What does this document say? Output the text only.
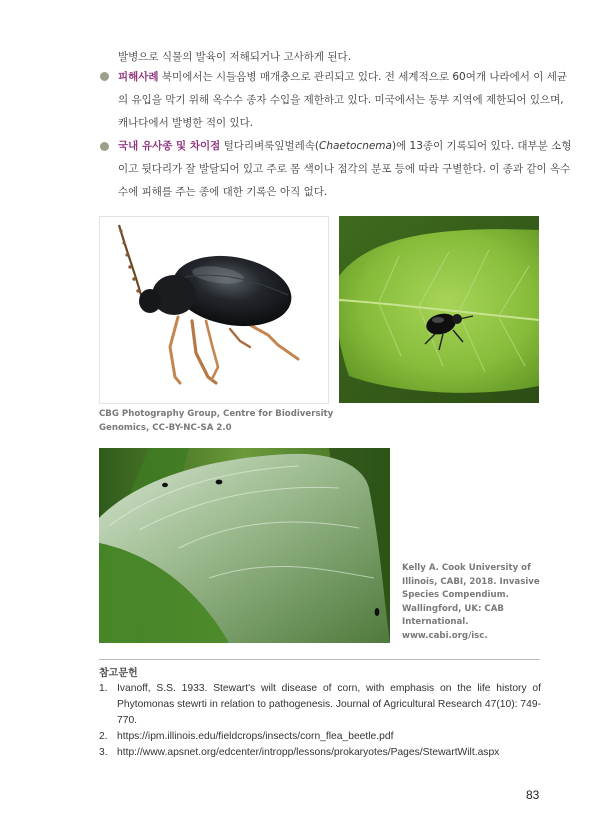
발병으로 식물의 발육이 저해되거나 고사하게 된다.
피해사례 북미에서는 시들음병 매개충으로 관리되고 있다. 전 세계적으로 60여개 나라에서 이 세균
의 유입을 막기 위해 옥수수 종자 수입을 제한하고 있다. 미국에서는 동부 지역에 제한되어 있으며,
캐나다에서 발병한 적이 있다.
국내 유사종 및 차이점 털다리벼룩잎벌레속(Chaetocnema)에 13종이 기록되어 있다. 대부분 소형
이고 뒷다리가 잘 발달되어 있고 주로 몸 색이나 점각의 분포 등에 따라 구별한다. 이 종과 같이 옥수
수에 피해를 주는 종에 대한 기록은 아직 없다.
CBG Photography Group, Centre for Biodiversity
Genomics, CC-BY-NC-SA 2.0
Kelly A. Cook University of
Illinois, CABI, 2018. Invasive
Species Compendium.
Wallingford, UK: CAB
International.
www.cabi.org/isc.
참고문헌
1. Ivanoff, S.S. 1933. Stewart's wilt disease of corn, with emphasis on the life history of Phytomonas stewrti in relation to pathogenesis. Journal of Agricultural Research 47(10): 749-770.
2. https://ipm.illinois.edu/fieldcrops/insects/corn_flea_beetle.pdf
3. http://www.apsnet.org/edcenter/intropp/lessons/prokaryotes/Pages/StewartWilt.aspx
83
